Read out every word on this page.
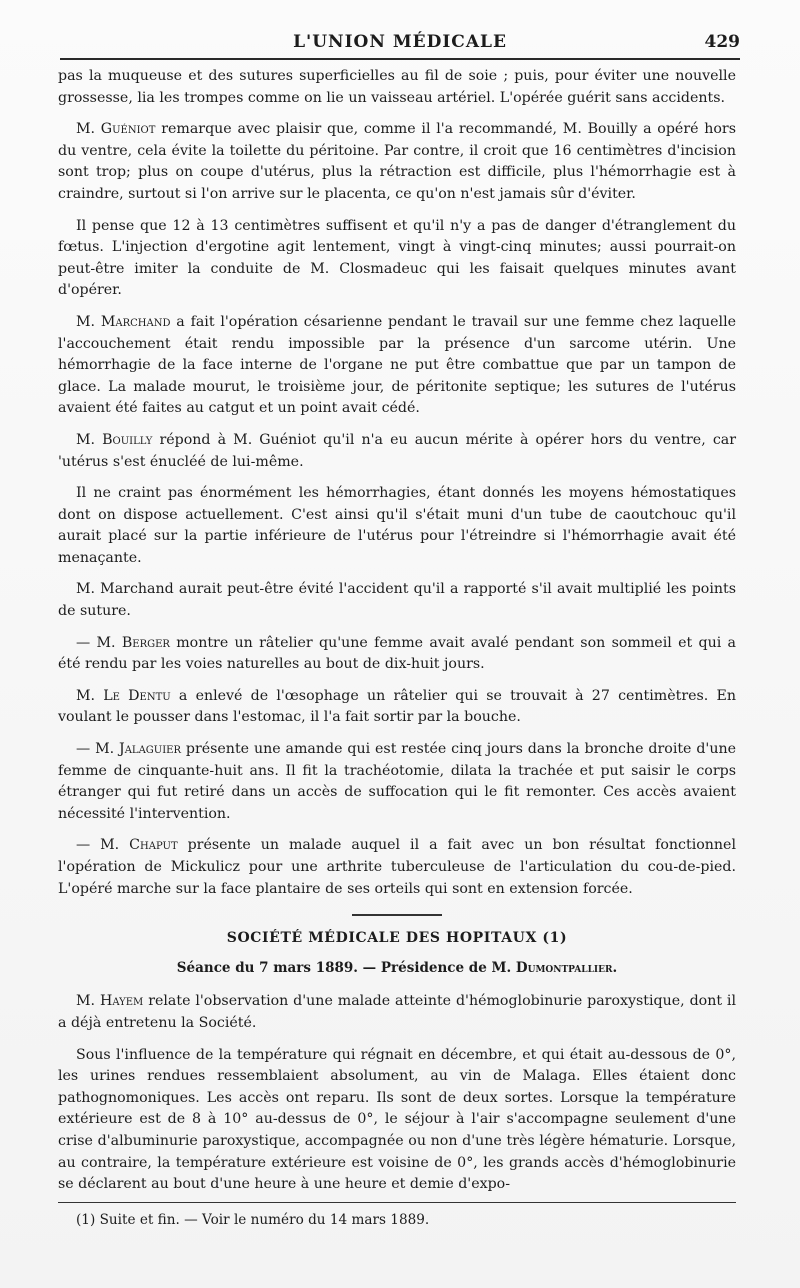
L'UNION MÉDICALE	429

pas la muqueuse et des sutures superficielles au fil de soie ; puis, pour éviter une nouvelle grossesse, lia les trompes comme on lie un vaisseau artériel. L'opérée guérit sans accidents.

M. Guéniot remarque avec plaisir que, comme il l'a recommandé, M. Bouilly a opéré hors du ventre, cela évite la toilette du péritoine. Par contre, il croit que 16 centimètres d'incision sont trop; plus on coupe d'utérus, plus la rétraction est difficile, plus l'hémorrhagie est à craindre, surtout si l'on arrive sur le placenta, ce qu'on n'est jamais sûr d'éviter.

Il pense que 12 à 13 centimètres suffisent et qu'il n'y a pas de danger d'étranglement du fœtus. L'injection d'ergotine agit lentement, vingt à vingt-cinq minutes; aussi pourrait-on peut-être imiter la conduite de M. Closmadeuc qui les faisait quelques minutes avant d'opérer.

M. Marchand a fait l'opération césarienne pendant le travail sur une femme chez laquelle l'accouchement était rendu impossible par la présence d'un sarcome utérin. Une hémorrhagie de la face interne de l'organe ne put être combattue que par un tampon de glace. La malade mourut, le troisième jour, de péritonite septique; les sutures de l'utérus avaient été faites au catgut et un point avait cédé.

M. Bouilly répond à M. Guéniot qu'il n'a eu aucun mérite à opérer hors du ventre, car 'utérus s'est énucléé de lui-même.

Il ne craint pas énormément les hémorrhagies, étant donnés les moyens hémostatiques dont on dispose actuellement. C'est ainsi qu'il s'était muni d'un tube de caoutchouc qu'il aurait placé sur la partie inférieure de l'utérus pour l'étreindre si l'hémorrhagie avait été menaçante.

M. Marchand aurait peut-être évité l'accident qu'il a rapporté s'il avait multiplié les points de suture.

— M. Berger montre un râtelier qu'une femme avait avalé pendant son sommeil et qui a été rendu par les voies naturelles au bout de dix-huit jours.

M. Le Dentu a enlevé de l'œsophage un râtelier qui se trouvait à 27 centimètres. En voulant le pousser dans l'estomac, il l'a fait sortir par la bouche.

— M. Jalaguier présente une amande qui est restée cinq jours dans la bronche droite d'une femme de cinquante-huit ans. Il fit la trachéotomie, dilata la trachée et put saisir le corps étranger qui fut retiré dans un accès de suffocation qui le fit remonter. Ces accès avaient nécessité l'intervention.

— M. Chaput présente un malade auquel il a fait avec un bon résultat fonctionnel l'opération de Mickulicz pour une arthrite tuberculeuse de l'articulation du cou-de-pied. L'opéré marche sur la face plantaire de ses orteils qui sont en extension forcée.

SOCIÉTÉ MÉDICALE DES HOPITAUX (1)
Séance du 7 mars 1889. — Présidence de M. Dumontpallier.

M. Hayem relate l'observation d'une malade atteinte d'hémoglobinurie paroxystique, dont il a déjà entretenu la Société.

Sous l'influence de la température qui régnait en décembre, et qui était au-dessous de 0°, les urines rendues ressemblaient absolument, au vin de Malaga. Elles étaient donc pathognomoniques. Les accès ont reparu. Ils sont de deux sortes. Lorsque la température extérieure est de 8 à 10° au-dessus de 0°, le séjour à l'air s'accompagne seulement d'une crise d'albuminurie paroxystique, accompagnée ou non d'une très légère hématurie. Lorsque, au contraire, la température extérieure est voisine de 0°, les grands accès d'hémoglobinurie se déclarent au bout d'une heure à une heure et demie d'expo-

(1) Suite et fin. — Voir le numéro du 14 mars 1889.
